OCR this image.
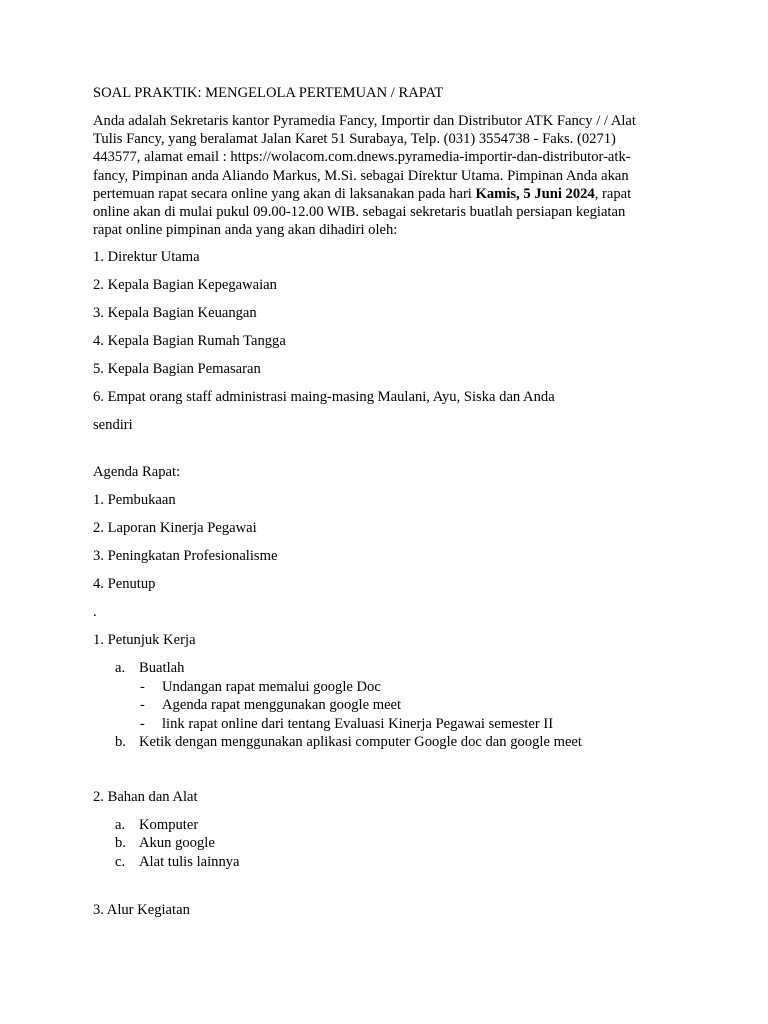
SOAL PRAKTIK: MENGELOLA PERTEMUAN / RAPAT

Anda adalah Sekretaris kantor Pyramedia Fancy, Importir dan Distributor ATK Fancy / / Alat
Tulis Fancy, yang beralamat Jalan Karet 51 Surabaya, Telp. (031) 3554738 - Faks. (0271)
443577, alamat email : https://wolacom.com.dnews.pyramedia-importir-dan-distributor-atk-
fancy, Pimpinan anda Aliando Markus, M.Si. sebagai Direktur Utama. Pimpinan Anda akan
pertemuan rapat secara online yang akan di laksanakan pada hari Kamis, 5 Juni 2024, rapat
online akan di mulai pukul 09.00-12.00 WIB. sebagai sekretaris buatlah persiapan kegiatan
rapat online pimpinan anda yang akan dihadiri oleh:

1. Direktur Utama

2. Kepala Bagian Kepegawaian

3. Kepala Bagian Keuangan

4. Kepala Bagian Rumah Tangga

5. Kepala Bagian Pemasaran

6. Empat orang staff administrasi maing-masing Maulani, Ayu, Siska dan Anda

sendiri

Agenda Rapat:

1. Pembukaan

2. Laporan Kinerja Pegawai

3. Peningkatan Profesionalisme

4. Penutup

.

1. Petunjuk Kerja

a. Buatlah
- Undangan rapat memalui google Doc
- Agenda rapat menggunakan google meet
- link rapat online dari tentang Evaluasi Kinerja Pegawai semester II
b. Ketik dengan menggunakan aplikasi computer Google doc dan google meet

2. Bahan dan Alat

a. Komputer
b. Akun google
c. Alat tulis lainnya

3. Alur Kegiatan
